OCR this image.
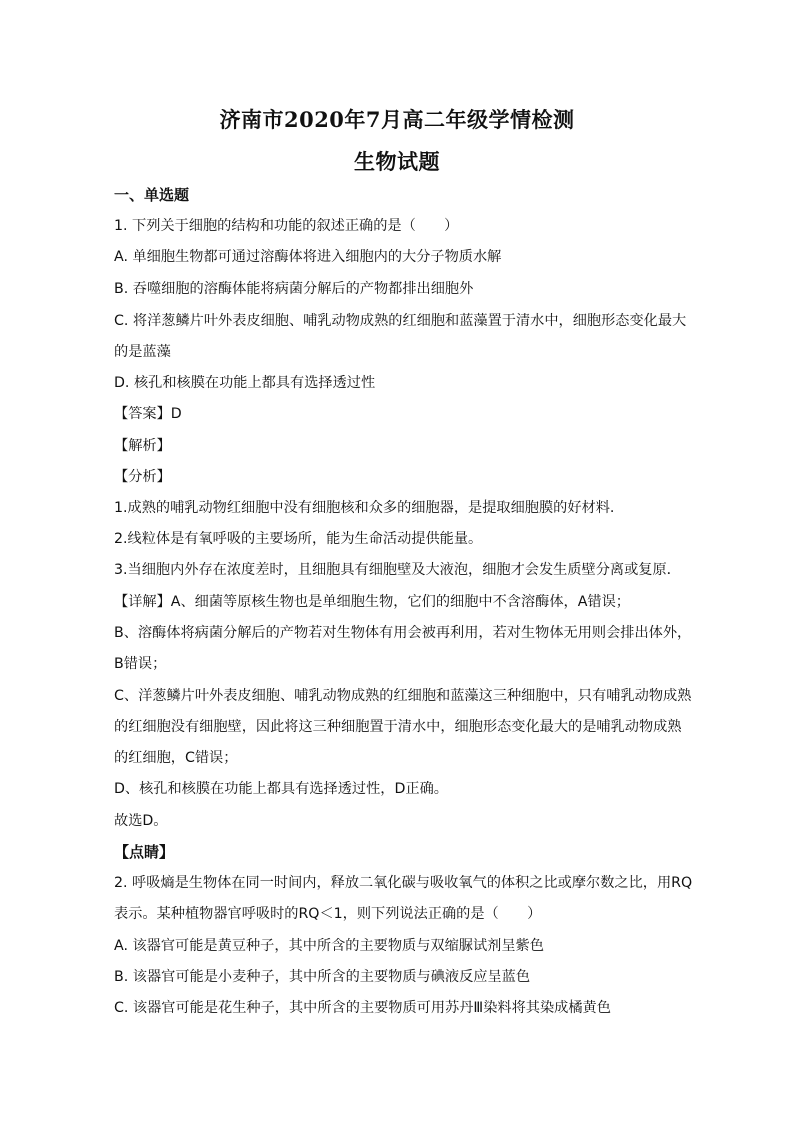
济南市2020年7月高二年级学情检测
生物试题
一、单选题
1. 下列关于细胞的结构和功能的叙述正确的是（　　）
A. 单细胞生物都可通过溶酶体将进入细胞内的大分子物质水解
B. 吞噬细胞的溶酶体能将病菌分解后的产物都排出细胞外
C. 将洋葱鳞片叶外表皮细胞、哺乳动物成熟的红细胞和蓝藻置于清水中，细胞形态变化最大
的是蓝藻
D. 核孔和核膜在功能上都具有选择透过性
【答案】D
【解析】
【分析】
1.成熟的哺乳动物红细胞中没有细胞核和众多的细胞器，是提取细胞膜的好材料.
2.线粒体是有氧呼吸的主要场所，能为生命活动提供能量。
3.当细胞内外存在浓度差时，且细胞具有细胞壁及大液泡，细胞才会发生质壁分离或复原．
【详解】A、细菌等原核生物也是单细胞生物，它们的细胞中不含溶酶体，A错误；
B、溶酶体将病菌分解后的产物若对生物体有用会被再利用，若对生物体无用则会排出体外，
B错误；
C、洋葱鳞片叶外表皮细胞、哺乳动物成熟的红细胞和蓝藻这三种细胞中，只有哺乳动物成熟
的红细胞没有细胞壁，因此将这三种细胞置于清水中，细胞形态变化最大的是哺乳动物成熟
的红细胞，C错误；
D、核孔和核膜在功能上都具有选择透过性，D正确。
故选D。
【点睛】
2. 呼吸熵是生物体在同一时间内，释放二氧化碳与吸收氧气的体积之比或摩尔数之比，用RQ
表示。某种植物器官呼吸时的RQ＜1，则下列说法正确的是（　　）
A. 该器官可能是黄豆种子，其中所含的主要物质与双缩脲试剂呈紫色
B. 该器官可能是小麦种子，其中所含的主要物质与碘液反应呈蓝色
C. 该器官可能是花生种子，其中所含的主要物质可用苏丹Ⅲ染料将其染成橘黄色
